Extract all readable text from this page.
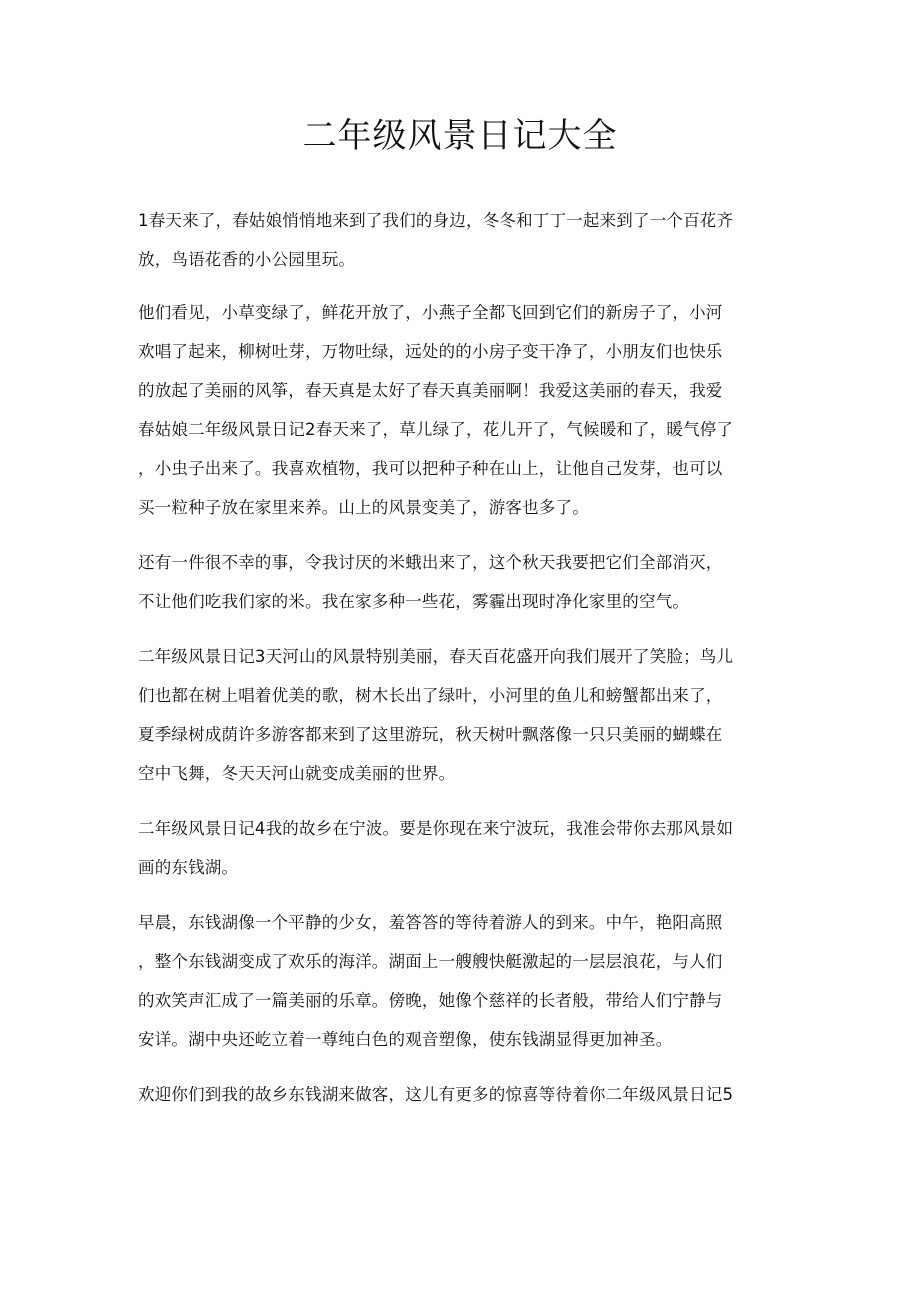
二年级风景日记大全
1春天来了，春姑娘悄悄地来到了我们的身边，冬冬和丁丁一起来到了一个百花齐
放，鸟语花香的小公园里玩。
他们看见，小草变绿了，鲜花开放了，小燕子全都飞回到它们的新房子了，小河
欢唱了起来，柳树吐芽，万物吐绿，远处的的小房子变干净了，小朋友们也快乐
的放起了美丽的风筝，春天真是太好了春天真美丽啊！我爱这美丽的春天，我爱
春姑娘二年级风景日记2春天来了，草儿绿了，花儿开了，气候暖和了，暖气停了
，小虫子出来了。我喜欢植物，我可以把种子种在山上，让他自己发芽，也可以
买一粒种子放在家里来养。山上的风景变美了，游客也多了。
还有一件很不幸的事，令我讨厌的米蛾出来了，这个秋天我要把它们全部消灭，
不让他们吃我们家的米。我在家多种一些花，雾霾出现时净化家里的空气。
二年级风景日记3天河山的风景特别美丽，春天百花盛开向我们展开了笑脸；鸟儿
们也都在树上唱着优美的歌，树木长出了绿叶，小河里的鱼儿和螃蟹都出来了，
夏季绿树成荫许多游客都来到了这里游玩，秋天树叶飘落像一只只美丽的蝴蝶在
空中飞舞，冬天天河山就变成美丽的世界。
二年级风景日记4我的故乡在宁波。要是你现在来宁波玩，我准会带你去那风景如
画的东钱湖。
早晨，东钱湖像一个平静的少女，羞答答的等待着游人的到来。中午，艳阳高照
，整个东钱湖变成了欢乐的海洋。湖面上一艘艘快艇激起的一层层浪花，与人们
的欢笑声汇成了一篇美丽的乐章。傍晚，她像个慈祥的长者般，带给人们宁静与
安详。湖中央还屹立着一尊纯白色的观音塑像，使东钱湖显得更加神圣。
欢迎你们到我的故乡东钱湖来做客，这儿有更多的惊喜等待着你二年级风景日记5
